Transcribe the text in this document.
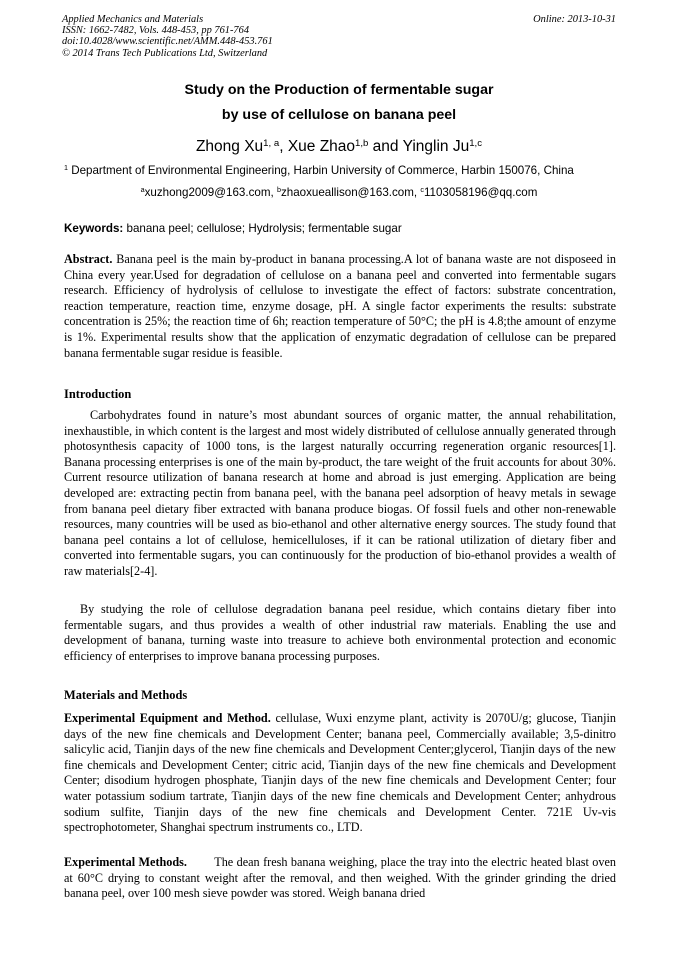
Applied Mechanics and Materials
ISSN: 1662-7482, Vols. 448-453, pp 761-764
doi:10.4028/www.scientific.net/AMM.448-453.761
© 2014 Trans Tech Publications Ltd, Switzerland
Online: 2013-10-31
Study on the Production of fermentable sugar
by use of cellulose on banana peel
Zhong Xu$^{1, a}$, Xue Zhao$^{1,b}$ and Yinglin Ju$^{1,c}$
$^1$ Department of Environmental Engineering, Harbin University of Commerce, Harbin 150076, China
$^a$xuzhong2009@163.com, $^b$zhaoxueallison@163.com, $^c$1103058196@qq.com
Keywords: banana peel; cellulose; Hydrolysis; fermentable sugar
Abstract. Banana peel is the main by-product in banana processing.A lot of banana waste are not disposeed in China every year.Used for degradation of cellulose on a banana peel and converted into fermentable sugars research. Efficiency of hydrolysis of cellulose to investigate the effect of factors: substrate concentration, reaction temperature, reaction time, enzyme dosage, pH. A single factor experiments the results: substrate concentration is 25%; the reaction time of 6h; reaction temperature of 50°C; the pH is 4.8;the amount of enzyme is 1%. Experimental results show that the application of enzymatic degradation of cellulose can be prepared banana fermentable sugar residue is feasible.
Introduction
Carbohydrates found in nature’s most abundant sources of organic matter, the annual rehabilitation, inexhaustible, in which content is the largest and most widely distributed of cellulose annually generated through photosynthesis capacity of 1000 tons, is the largest naturally occurring regeneration organic resources[1]. Banana processing enterprises is one of the main by-product, the tare weight of the fruit accounts for about 30%. Current resource utilization of banana research at home and abroad is just emerging. Application are being developed are: extracting pectin from banana peel, with the banana peel adsorption of heavy metals in sewage from banana peel dietary fiber extracted with banana produce biogas. Of fossil fuels and other non-renewable resources, many countries will be used as bio-ethanol and other alternative energy sources. The study found that banana peel contains a lot of cellulose, hemicelluloses, if it can be rational utilization of dietary fiber and converted into fermentable sugars, you can continuously for the production of bio-ethanol provides a wealth of raw materials[2-4].
By studying the role of cellulose degradation banana peel residue, which contains dietary fiber into fermentable sugars, and thus provides a wealth of other industrial raw materials. Enabling the use and development of banana, turning waste into treasure to achieve both environmental protection and economic efficiency of enterprises to improve banana processing purposes.
Materials and Methods
Experimental Equipment and Method. cellulase, Wuxi enzyme plant, activity is 2070U/g; glucose, Tianjin days of the new fine chemicals and Development Center; banana peel, Commercially available; 3,5-dinitro salicylic acid, Tianjin days of the new fine chemicals and Development Center;glycerol, Tianjin days of the new fine chemicals and Development Center; citric acid, Tianjin days of the new fine chemicals and Development Center; disodium hydrogen phosphate, Tianjin days of the new fine chemicals and Development Center; four water potassium sodium tartrate, Tianjin days of the new fine chemicals and Development Center; anhydrous sodium sulfite, Tianjin days of the new fine chemicals and Development Center. 721E Uv-vis spectrophotometer, Shanghai spectrum instruments co., LTD.
Experimental Methods.        The dean fresh banana weighing, place the tray into the electric heated blast oven at 60°C drying to constant weight after the removal, and then weighed. With the grinder grinding the dried banana peel, over 100 mesh sieve powder was stored. Weigh banana dried
